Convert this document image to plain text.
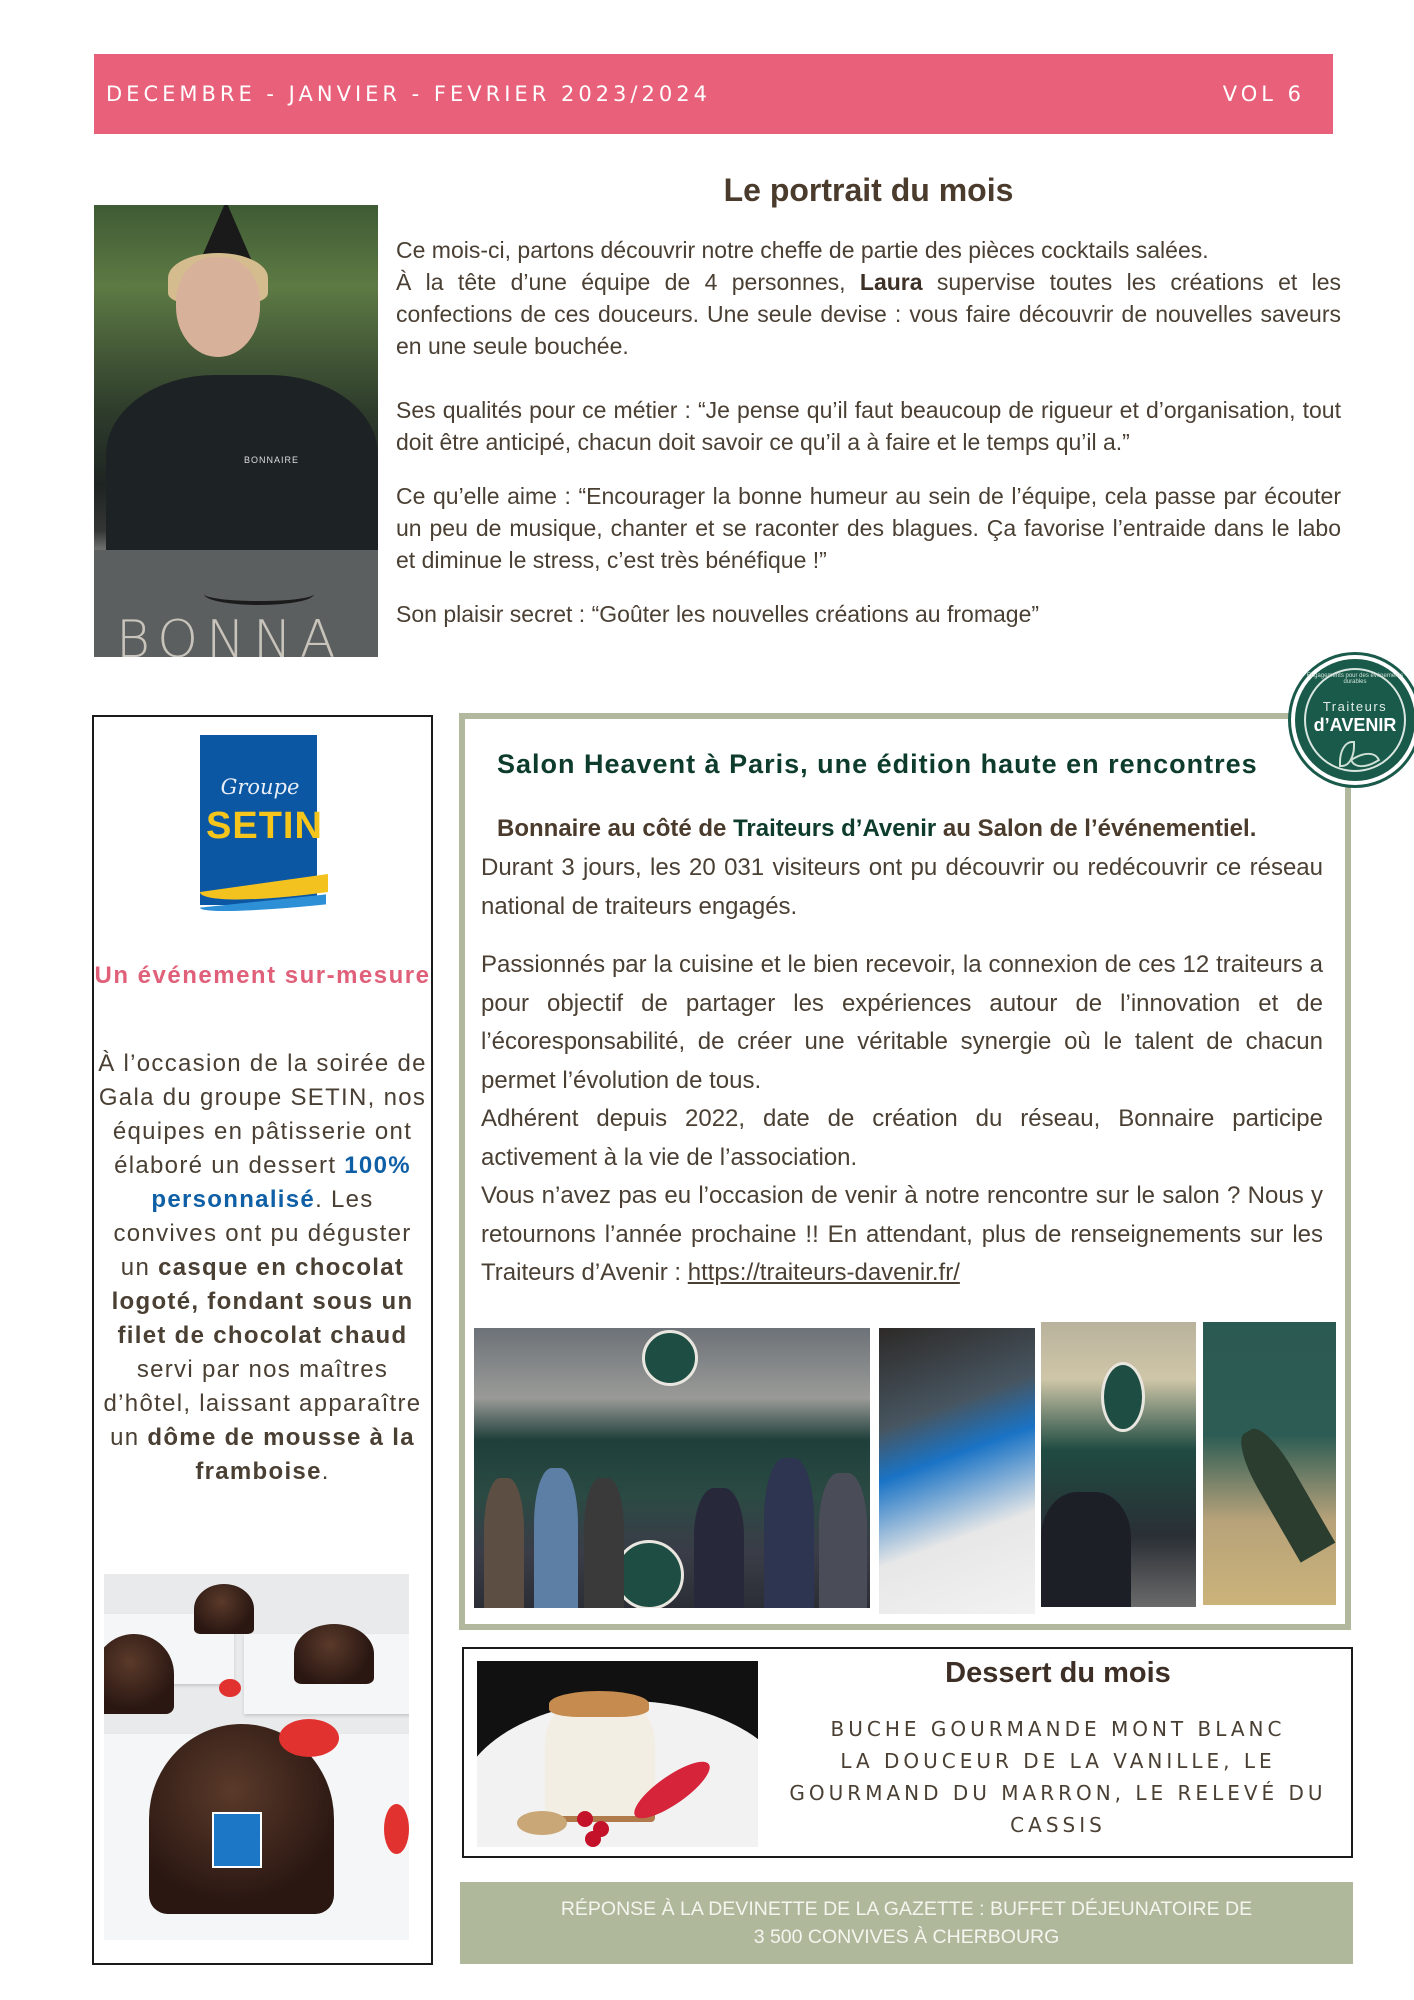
DECEMBRE - JANVIER - FEVRIER 2023/2024	VOL 6
BONNAIRE
BONNA
Le portrait du mois

Ce mois-ci, partons découvrir notre cheffe de partie des pièces cocktails salées.
À la tête d’une équipe de 4 personnes, Laura supervise toutes les créations et les confections de ces douceurs. Une seule devise : vous faire découvrir de nouvelles saveurs en une seule bouchée.

Ses qualités pour ce métier : “Je pense qu’il faut beaucoup de rigueur et d’organisation, tout doit être anticipé, chacun doit savoir ce qu’il a à faire et le temps qu’il a.”

Ce qu’elle aime : “Encourager la bonne humeur au sein de l’équipe, cela passe par écouter un peu de musique, chanter et se raconter des blagues. Ça favorise l’entraide dans le labo et diminue le stress, c’est très bénéfique !”

Son plaisir secret : “Goûter les nouvelles créations au fromage”

Groupe
SETIN
Un événement sur-mesure

À l’occasion de la soirée de Gala du groupe SETIN, nos équipes en pâtisserie ont élaboré un dessert 100% personnalisé. Les convives ont pu déguster un casque en chocolat logoté, fondant sous un filet de chocolat chaud servi par nos maîtres d’hôtel, laissant apparaître un dôme de mousse à la framboise.

Salon Heavent à Paris, une édition haute en rencontres

Bonnaire au côté de Traiteurs d’Avenir au Salon de l’événementiel.

Durant 3 jours, les 20 031 visiteurs ont pu découvrir ou redécouvrir ce réseau national de traiteurs engagés.

Passionnés par la cuisine et le bien recevoir, la connexion de ces 12 traiteurs a pour objectif de partager les expériences autour de l’innovation et de l’écoresponsabilité, de créer une véritable synergie où le talent de chacun permet l’évolution de tous.

Adhérent depuis 2022, date de création du réseau, Bonnaire participe activement à la vie de l’association.

Vous n’avez pas eu l’occasion de venir à notre rencontre sur le salon ? Nous y retournons l’année prochaine !! En attendant, plus de renseignements sur les Traiteurs d’Avenir : https://traiteurs-davenir.fr/

Engagements pour des événements durables
Traiteurs
d’AVENIR
Dessert du mois
BUCHE GOURMANDE MONT BLANC
LA DOUCEUR DE LA VANILLE, LE GOURMAND DU MARRON, LE RELEVÉ DU CASSIS
RÉPONSE À LA DEVINETTE DE LA GAZETTE : BUFFET DÉJEUNATOIRE DE
3 500 CONVIVES À CHERBOURG
